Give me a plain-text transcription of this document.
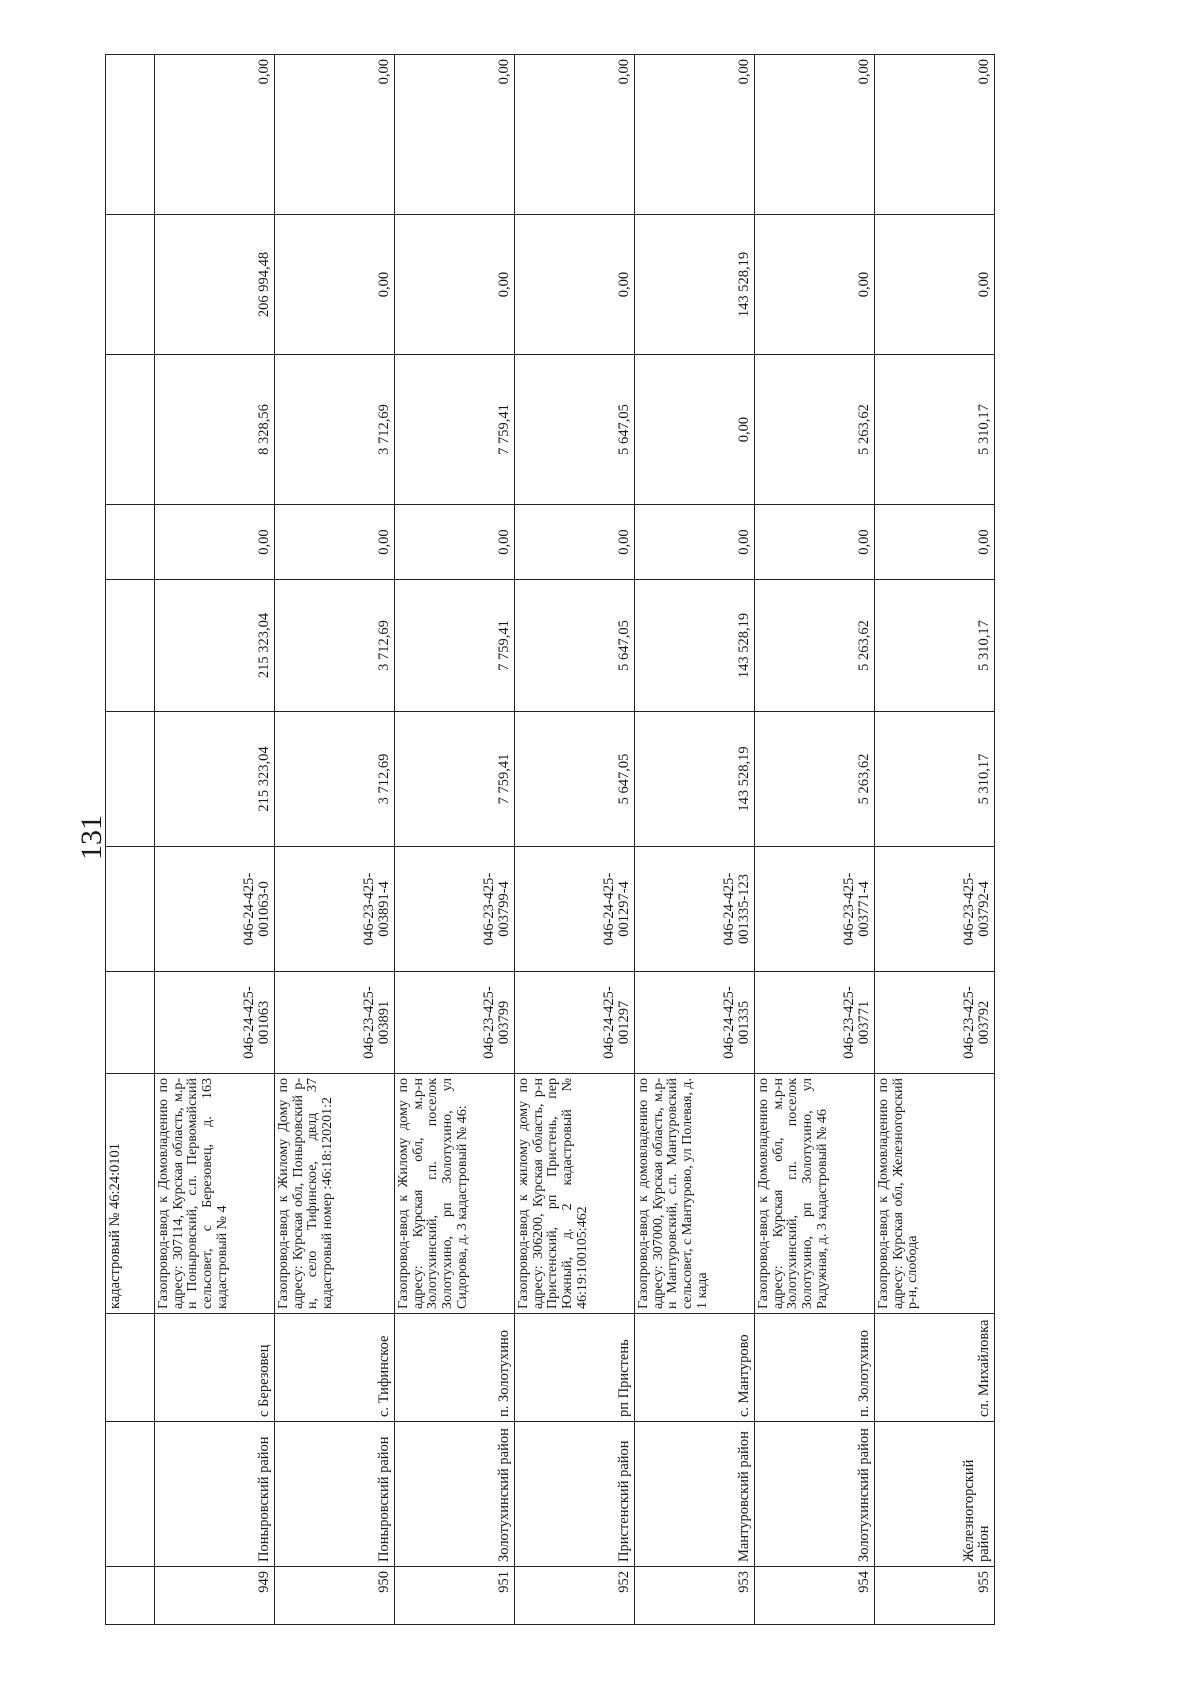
131
			кадастровый № 46:24:0101								
949	Поныровский район	с Березовец	Газопровод-ввод к Домовладению по адресу: 307114, Курская область, м.р-н Поныровский, с.п. Первомайский сельсовет, с Березовец, д. 163 кадастровый № 4	046-24-425-001063	046-24-425-001063-0	215 323,04	215 323,04	0,00	8 328,56	206 994,48	0,00
950	Поныровский район	с. Тифинское	Газопровод-ввод к Жилому Дому по адресу: Курская обл, Поныровский р-н, село Тифинское, двлд 37 кадастровый номер :46:18:120201:2	046-23-425-003891	046-23-425-003891-4	3 712,69	3 712,69	0,00	3 712,69	0,00	0,00
951	Золотухинский район	п. Золотухино	Газопровод-ввод к Жилому дому по адресу: Курская обл, м.р-н Золотухинский, г.п. поселок Золотухино, рп Золотухино, ул Сидорова, д. 3 кадастровый № 46:	046-23-425-003799	046-23-425-003799-4	7 759,41	7 759,41	0,00	7 759,41	0,00	0,00
952	Пристенский район	рп Пристень	Газопровод-ввод к жилому дому по адресу: 306200, Курская область, р-н Пристенский, рп Пристень, пер Южный, д. 2 кадастровый № 46:19:100105:462	046-24-425-001297	046-24-425-001297-4	5 647,05	5 647,05	0,00	5 647,05	0,00	0,00
953	Мантуровский район	с. Мантурово	Газопровод-ввод к домовладению по адресу: 307000, Курская область, м.р-н Мантуровский, с.п. Мантуровский сельсовет, с Мантурово, ул Полевая, д. 1 када	046-24-425-001335	046-24-425-001335-123	143 528,19	143 528,19	0,00	0,00	143 528,19	0,00
954	Золотухинский район	п. Золотухино	Газопровод-ввод к Домовладению по адресу: Курская обл, м.р-н Золотухинский, г.п. поселок Золотухино, рп Золотухино, ул Радужная, д. 3 кадастровый № 46	046-23-425-003771	046-23-425-003771-4	5 263,62	5 263,62	0,00	5 263,62	0,00	0,00
955	Железногорский район	сл. Михайловка	Газопровод-ввод к Домовладению по адресу: Курская обл, Железногорский р-н, слобода	046-23-425-003792	046-23-425-003792-4	5 310,17	5 310,17	0,00	5 310,17	0,00	0,00
